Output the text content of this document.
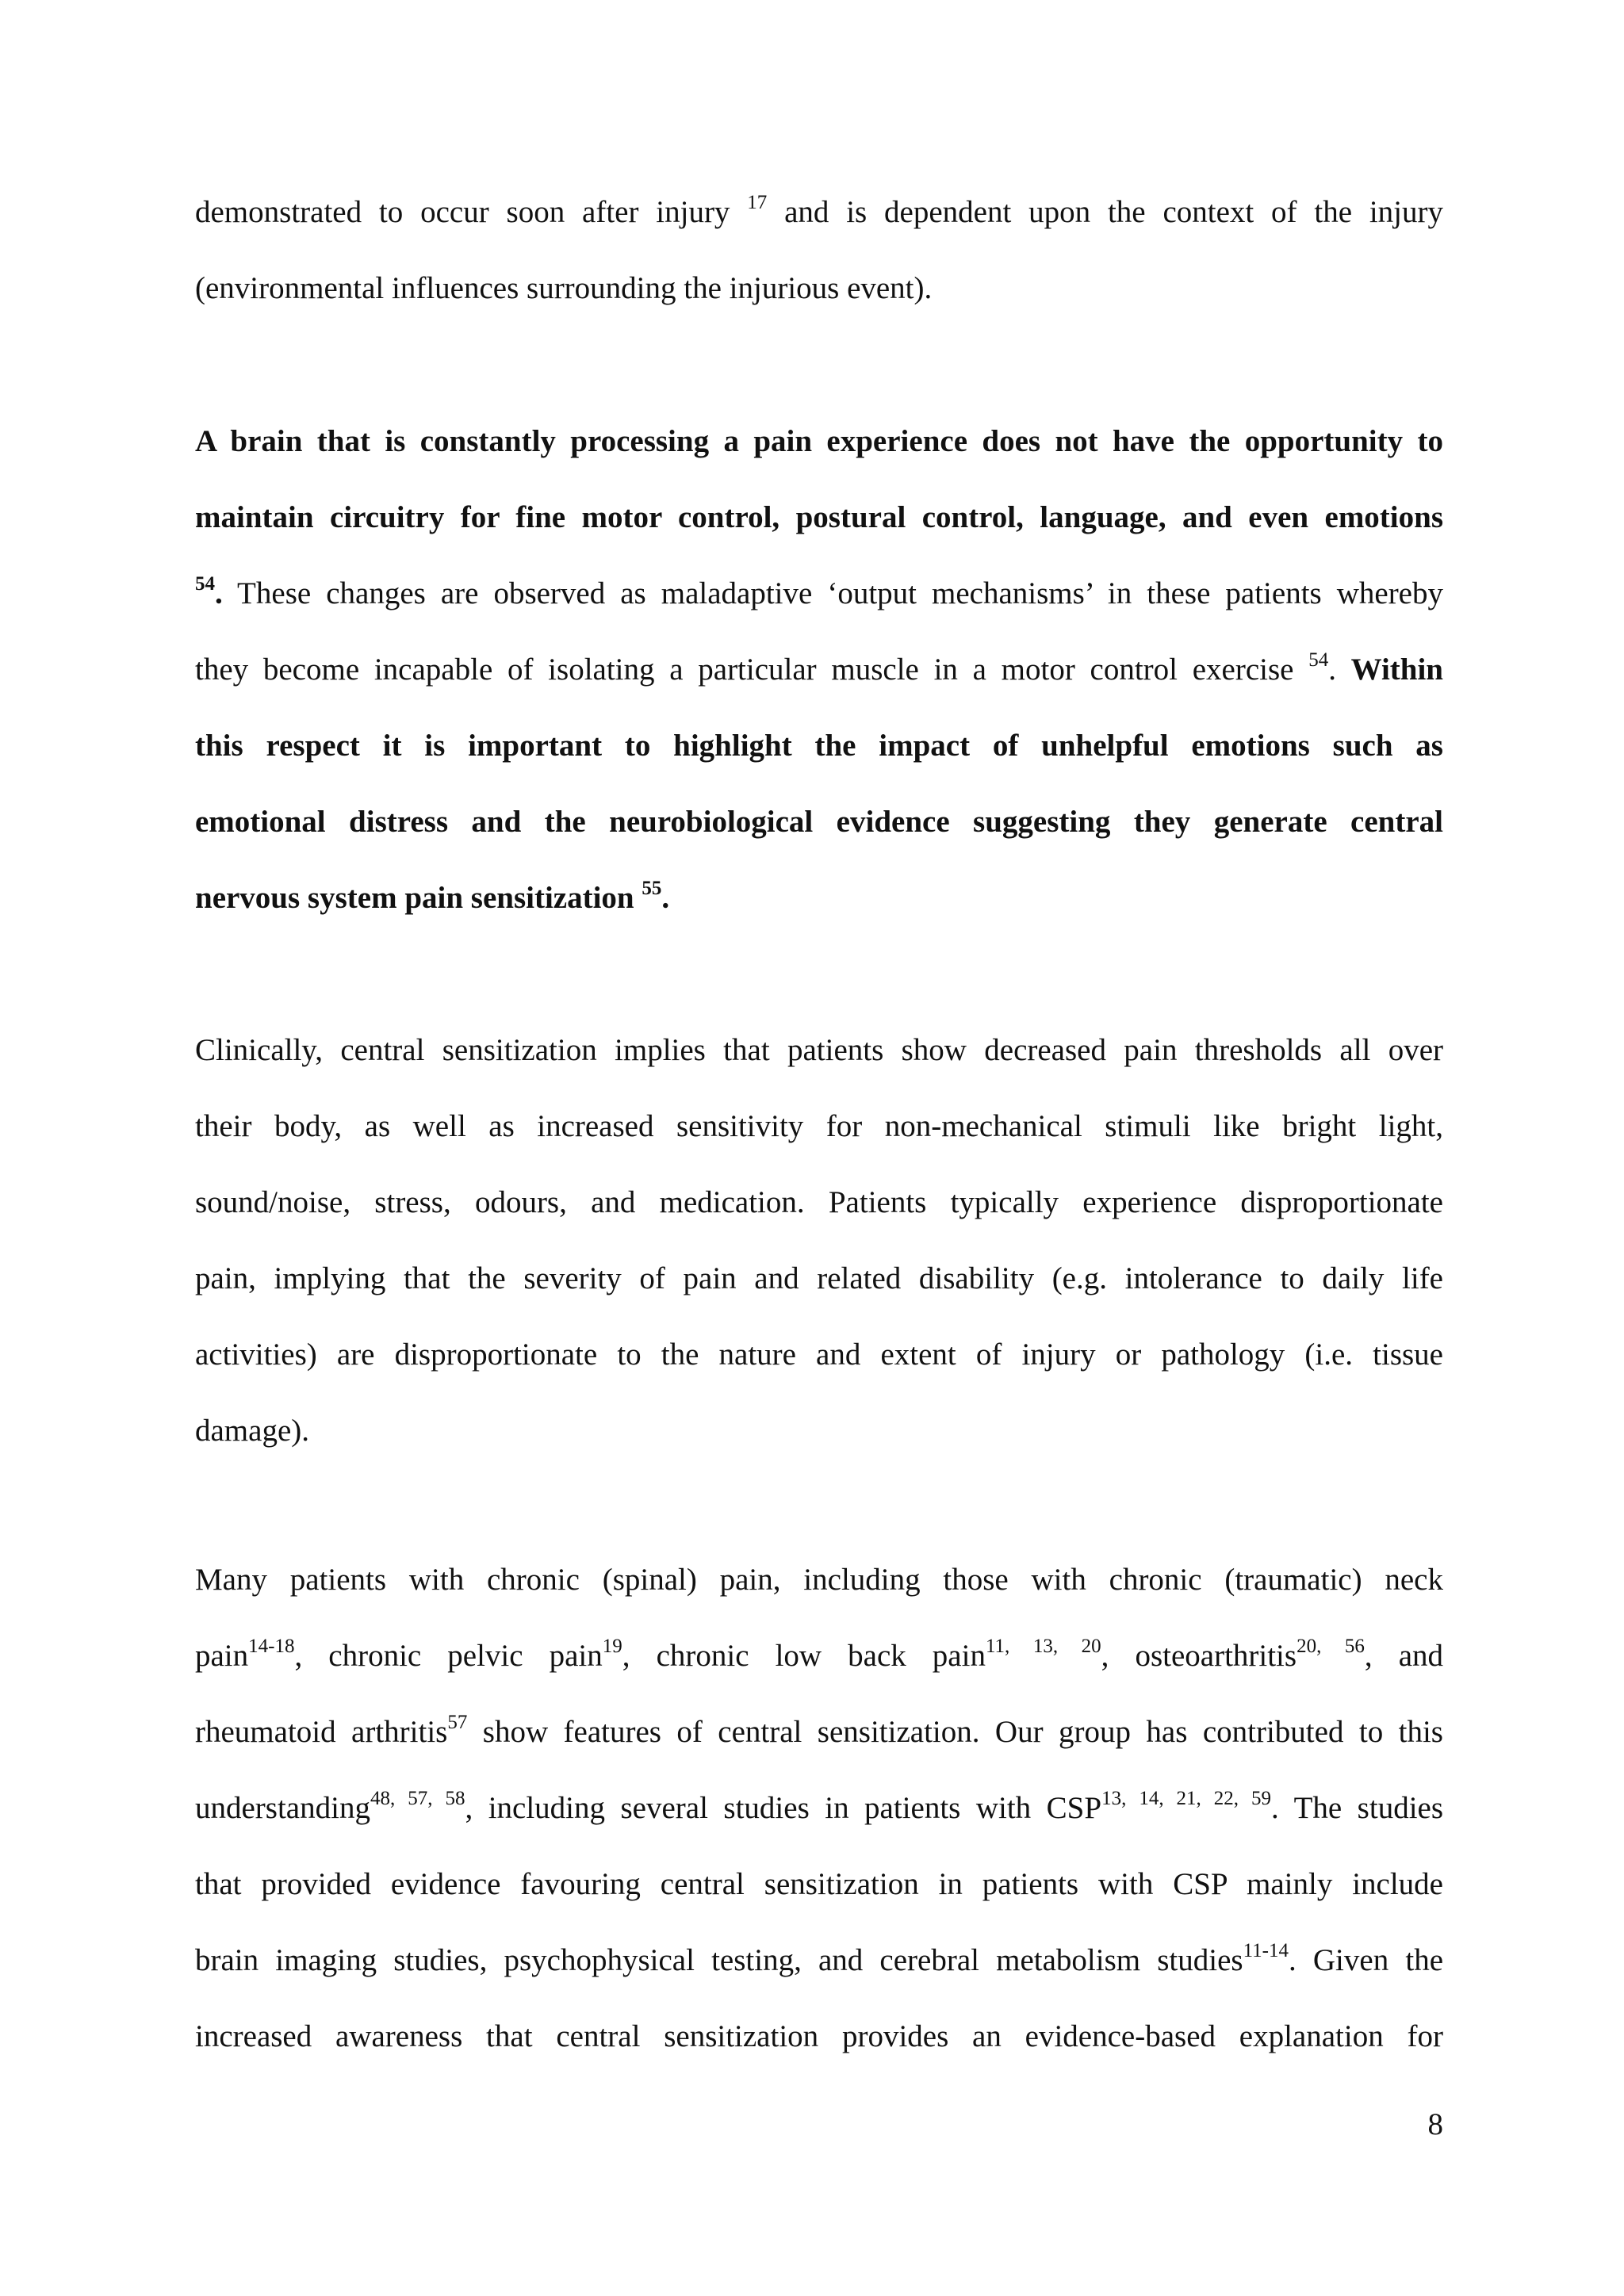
demonstrated to occur soon after injury $^{17}$ and is dependent upon the context of the injury
(environmental influences surrounding the injurious event).
A brain that is constantly processing a pain experience does not have the opportunity to
maintain circuitry for fine motor control, postural control, language, and even emotions
$^{54}$. These changes are observed as maladaptive ‘output mechanisms’ in these patients whereby
they become incapable of isolating a particular muscle in a motor control exercise $^{54}$. Within
this respect it is important to highlight the impact of unhelpful emotions such as
emotional distress and the neurobiological evidence suggesting they generate central
nervous system pain sensitization $^{55}$.
Clinically, central sensitization implies that patients show decreased pain thresholds all over
their body, as well as increased sensitivity for non-mechanical stimuli like bright light,
sound/noise, stress, odours, and medication. Patients typically experience disproportionate
pain, implying that the severity of pain and related disability (e.g. intolerance to daily life
activities) are disproportionate to the nature and extent of injury or pathology (i.e. tissue
damage).
Many patients with chronic (spinal) pain, including those with chronic (traumatic) neck
pain$^{14-18}$, chronic pelvic pain$^{19}$, chronic low back pain$^{11, 13, 20}$, osteoarthritis$^{20, 56}$, and
rheumatoid arthritis$^{57}$ show features of central sensitization. Our group has contributed to this
understanding$^{48, 57, 58}$, including several studies in patients with CSP$^{13, 14, 21, 22, 59}$. The studies
that provided evidence favouring central sensitization in patients with CSP mainly include
brain imaging studies, psychophysical testing, and cerebral metabolism studies$^{11-14}$. Given the
increased awareness that central sensitization provides an evidence-based explanation for
8
